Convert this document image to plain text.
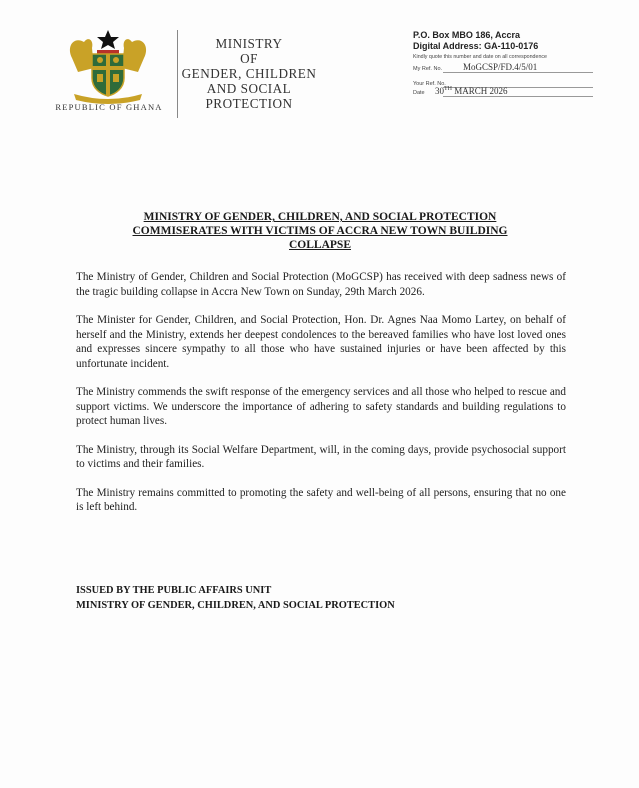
REPUBLIC OF GHANA
MINISTRY
OF
GENDER, CHILDREN
AND SOCIAL
PROTECTION
P.O. Box MBO 186, Accra
Digital Address: GA-110-0176
Kindly quote this number and date on all correspondence
My Ref. No. MoGCSP/FD.4/5/01
Your Ref. No.
Date 30TH MARCH 2026
MINISTRY OF GENDER, CHILDREN, AND SOCIAL PROTECTION
COMMISERATES WITH VICTIMS OF ACCRA NEW TOWN BUILDING
COLLAPSE

The Ministry of Gender, Children and Social Protection (MoGCSP) has received with deep sadness news of the tragic building collapse in Accra New Town on Sunday, 29th March 2026.

The Minister for Gender, Children, and Social Protection, Hon. Dr. Agnes Naa Momo Lartey, on behalf of herself and the Ministry, extends her deepest condolences to the bereaved families who have lost loved ones and expresses sincere sympathy to all those who have sustained injuries or have been affected by this unfortunate incident.

The Ministry commends the swift response of the emergency services and all those who helped to rescue and support victims. We underscore the importance of adhering to safety standards and building regulations to protect human lives.

The Ministry, through its Social Welfare Department, will, in the coming days, provide psychosocial support to victims and their families.

The Ministry remains committed to promoting the safety and well-being of all persons, ensuring that no one is left behind.

ISSUED BY THE PUBLIC AFFAIRS UNIT
MINISTRY OF GENDER, CHILDREN, AND SOCIAL PROTECTION
